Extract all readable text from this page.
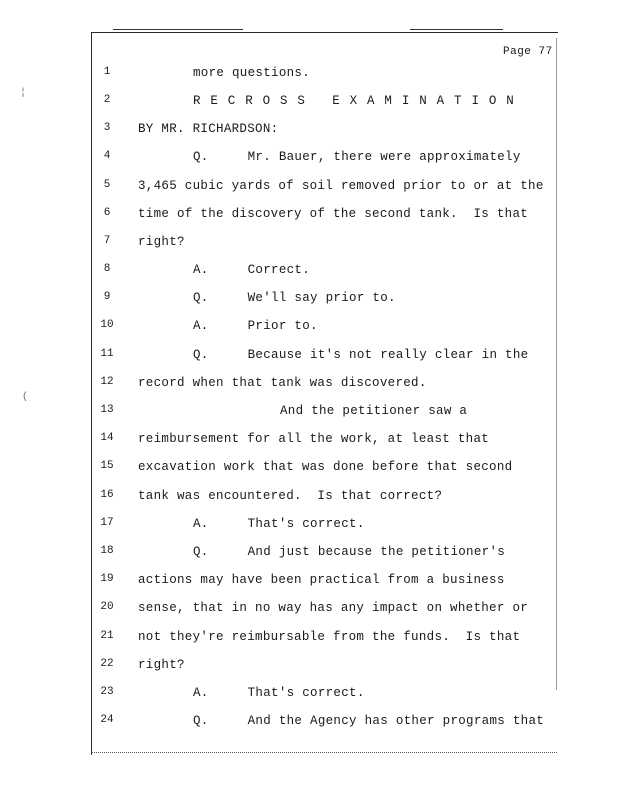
¦
(
Page 77
1	more questions.
2	R E C R O S S   E X A M I N A T I O N
3	BY MR. RICHARDSON:
4	Q.     Mr. Bauer, there were approximately
5	3,465 cubic yards of soil removed prior to or at the
6	time of the discovery of the second tank.  Is that
7	right?
8	A.     Correct.
9	Q.     We'll say prior to.
10	A.     Prior to.
11	Q.     Because it's not really clear in the
12	record when that tank was discovered.
13	And the petitioner saw a
14	reimbursement for all the work, at least that
15	excavation work that was done before that second
16	tank was encountered.  Is that correct?
17	A.     That's correct.
18	Q.     And just because the petitioner's
19	actions may have been practical from a business
20	sense, that in no way has any impact on whether or
21	not they're reimbursable from the funds.  Is that
22	right?
23	A.     That's correct.
24	Q.     And the Agency has other programs that
